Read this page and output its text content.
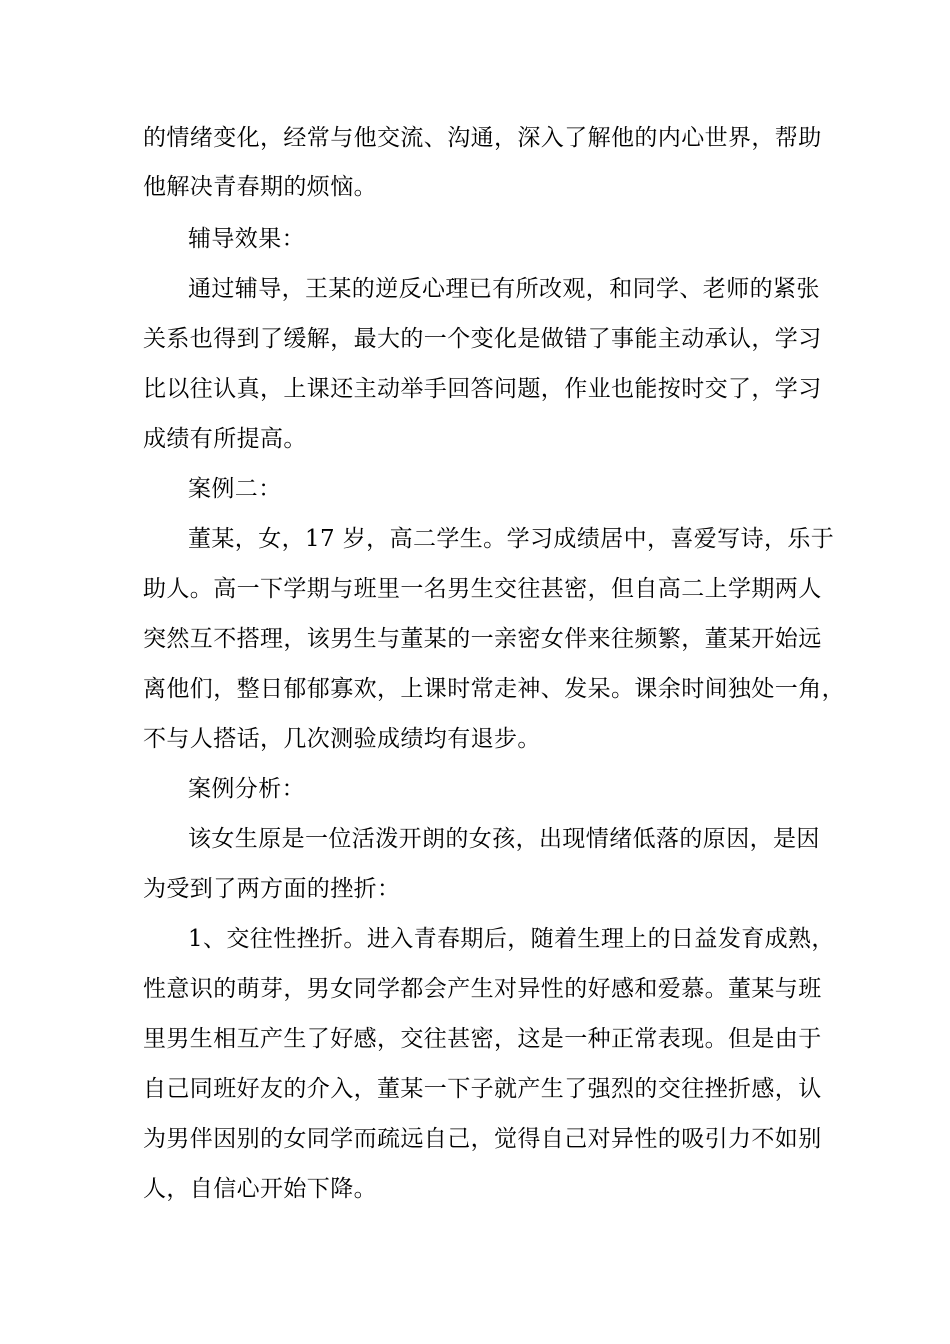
的情绪变化，经常与他交流、沟通，深入了解他的内心世界，帮助
他解决青春期的烦恼。
辅导效果：
通过辅导，王某的逆反心理已有所改观，和同学、老师的紧张
关系也得到了缓解，最大的一个变化是做错了事能主动承认，学习
比以往认真，上课还主动举手回答问题，作业也能按时交了，学习
成绩有所提高。
案例二：
董某，女，17 岁，高二学生。学习成绩居中，喜爱写诗，乐于
助人。高一下学期与班里一名男生交往甚密，但自高二上学期两人
突然互不搭理，该男生与董某的一亲密女伴来往频繁，董某开始远
离他们，整日郁郁寡欢，上课时常走神、发呆。课余时间独处一角，
不与人搭话，几次测验成绩均有退步。
案例分析：
该女生原是一位活泼开朗的女孩，出现情绪低落的原因，是因
为受到了两方面的挫折：
1、交往性挫折。进入青春期后，随着生理上的日益发育成熟，
性意识的萌芽，男女同学都会产生对异性的好感和爱慕。董某与班
里男生相互产生了好感，交往甚密，这是一种正常表现。但是由于
自己同班好友的介入，董某一下子就产生了强烈的交往挫折感，认
为男伴因别的女同学而疏远自己，觉得自己对异性的吸引力不如别
人，自信心开始下降。
